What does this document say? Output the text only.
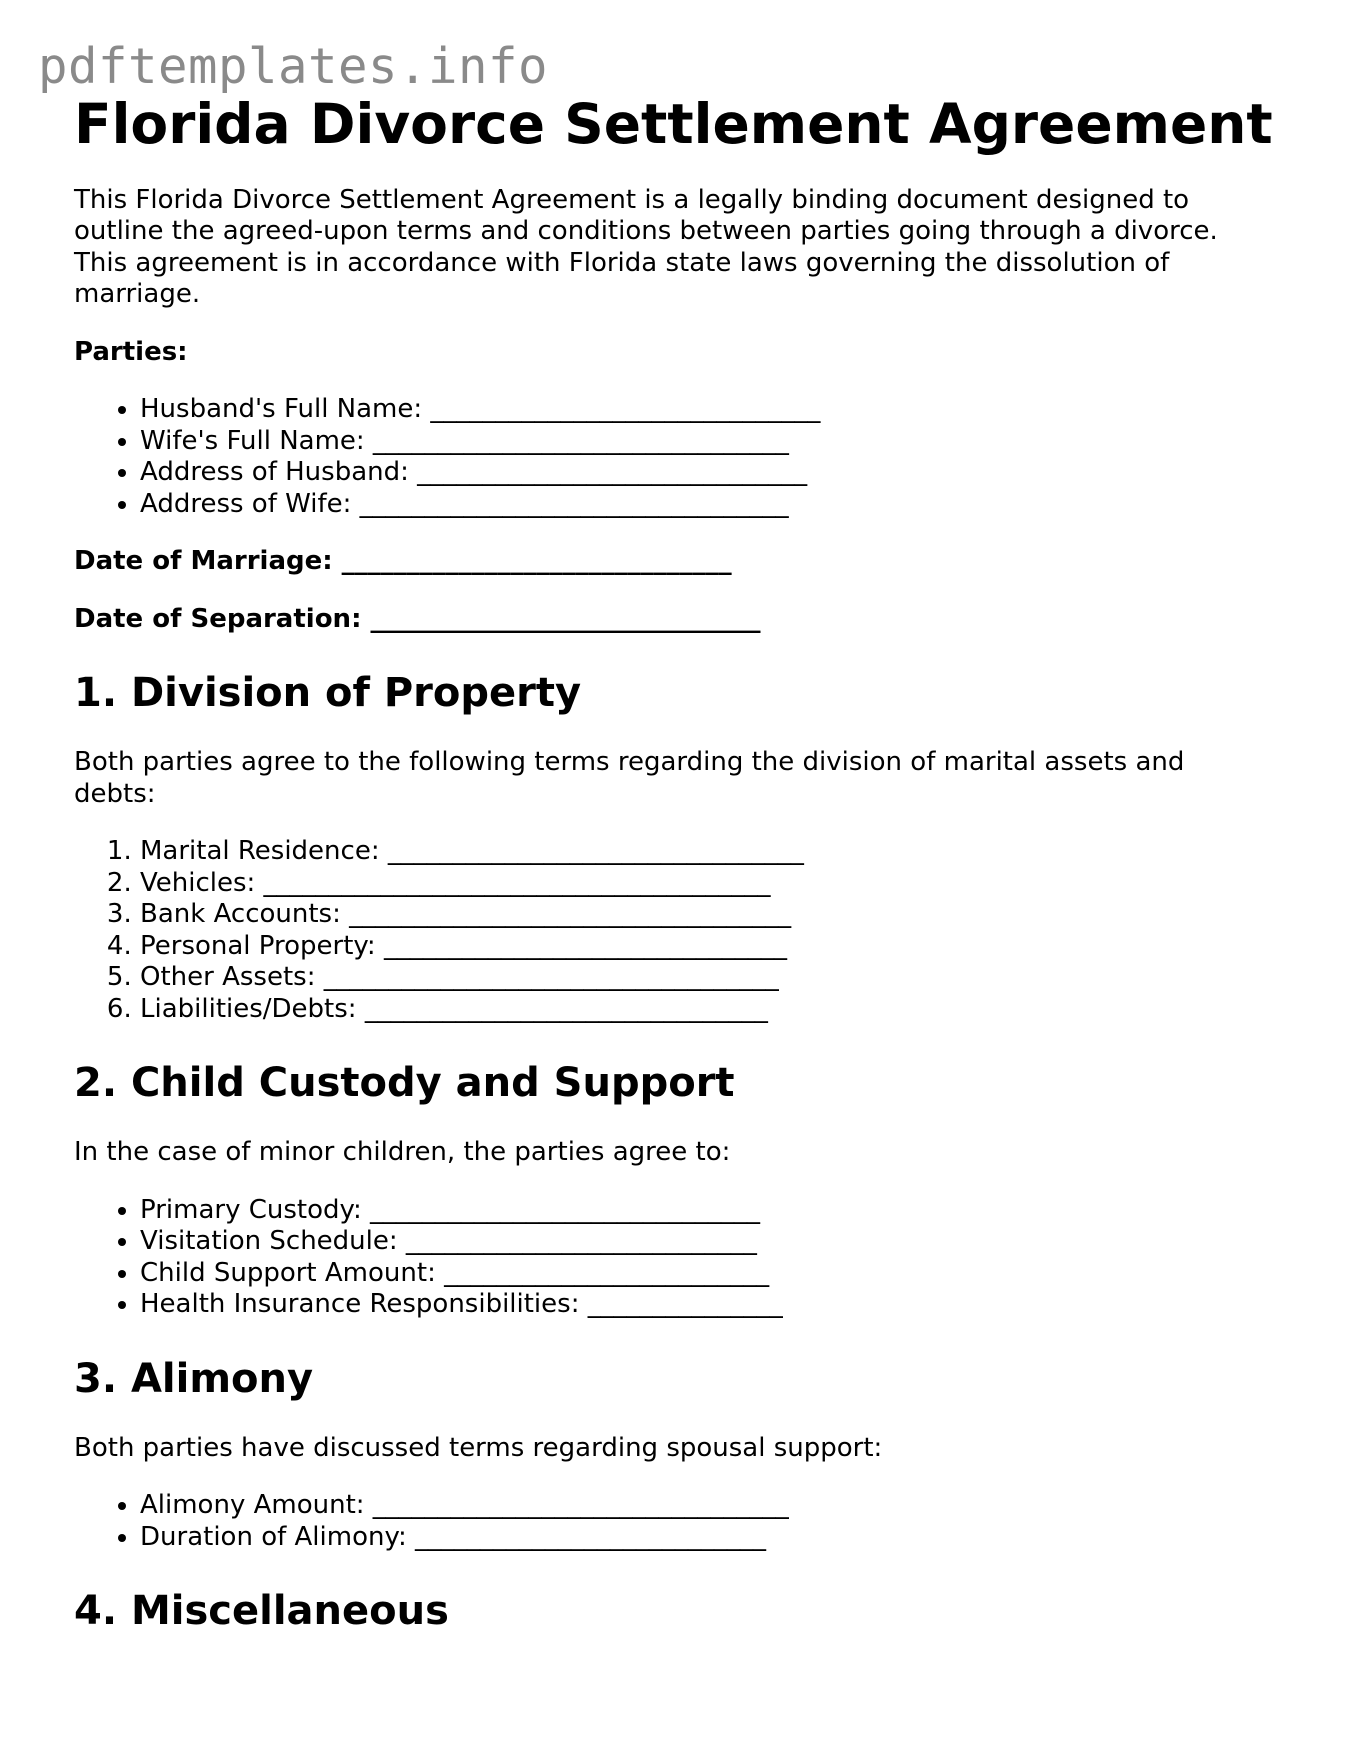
pdftemplates.info
Florida Divorce Settlement Agreement

This Florida Divorce Settlement Agreement is a legally binding document designed to outline the agreed-upon terms and conditions between parties going through a divorce. This agreement is in accordance with Florida state laws governing the dissolution of marriage.

Parties:
• Husband's Full Name: ______________________________
• Wife's Full Name: ________________________________
• Address of Husband: ______________________________
• Address of Wife: _________________________________
Date of Marriage: ______________________________
Date of Separation: ______________________________
1. Division of Property

Both parties agree to the following terms regarding the division of marital assets and debts:

1. Marital Residence: ________________________________
2. Vehicles: _______________________________________
3. Bank Accounts: __________________________________
4. Personal Property: _______________________________
5. Other Assets: ___________________________________
6. Liabilities/Debts: _______________________________
2. Child Custody and Support

In the case of minor children, the parties agree to:

• Primary Custody: ______________________________
• Visitation Schedule: ___________________________
• Child Support Amount: _________________________
• Health Insurance Responsibilities: _______________
3. Alimony

Both parties have discussed terms regarding spousal support:

• Alimony Amount: ________________________________
• Duration of Alimony: ___________________________
4. Miscellaneous
